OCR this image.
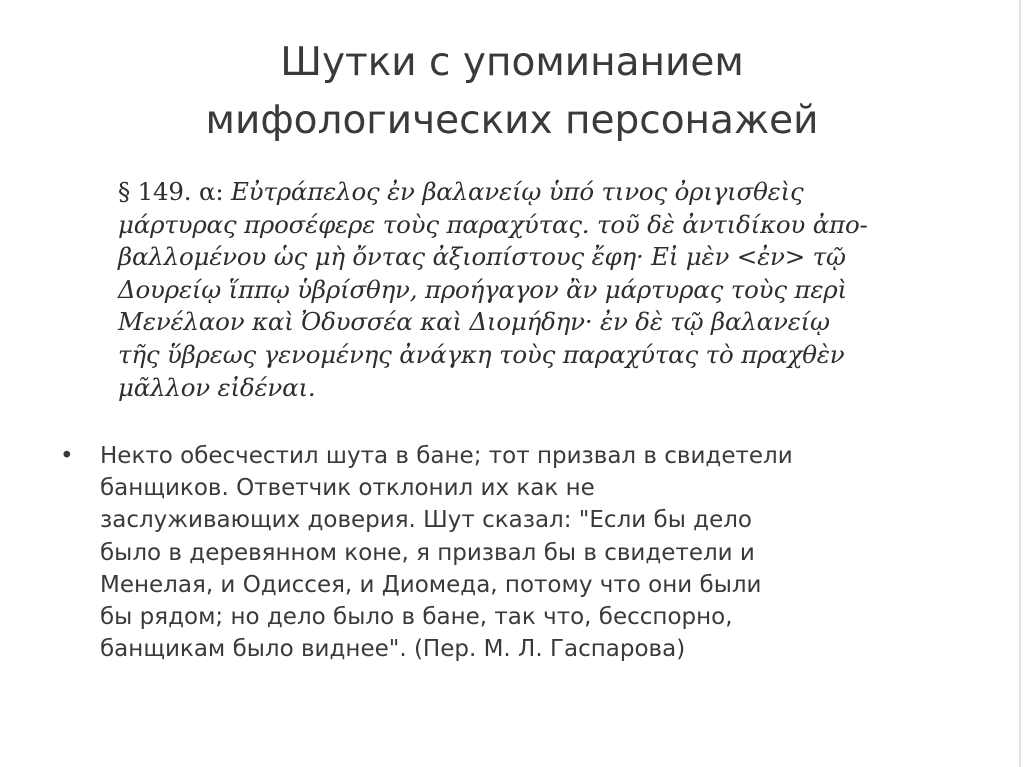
Шутки с упоминанием
мифологических персонажей
§ 149. α: Εὐτράπελος ἐν βαλανείῳ ὑπό τινος ὀριγισθεὶς
μάρτυρας προσέφερε τοὺς παραχύτας. τοῦ δὲ ἀντιδίκου ἀπο-
βαλλομένου ὡς μὴ ὄντας ἀξιοπίστους ἔφη· Εἰ μὲν <ἐν> τῷ
Δουρείῳ ἵππῳ ὑβρίσθην, προήγαγον ἂν μάρτυρας τοὺς περὶ
Μενέλαον καὶ Ὀδυσσέα καὶ Διομήδην· ἐν δὲ τῷ βαλανείῳ
τῆς ὕβρεως γενομένης ἀνάγκη τοὺς παραχύτας τὸ πραχθὲν
μᾶλλον εἰδέναι.
• Некто обесчестил шута в бане; тот призвал в свидетели
банщиков. Ответчик отклонил их как не
заслуживающих доверия. Шут сказал: "Если бы дело
было в деревянном коне, я призвал бы в свидетели и
Менелая, и Одиссея, и Диомеда, потому что они были
бы рядом; но дело было в бане, так что, бесспорно,
банщикам было виднее". (Пер. М. Л. Гаспарова)
